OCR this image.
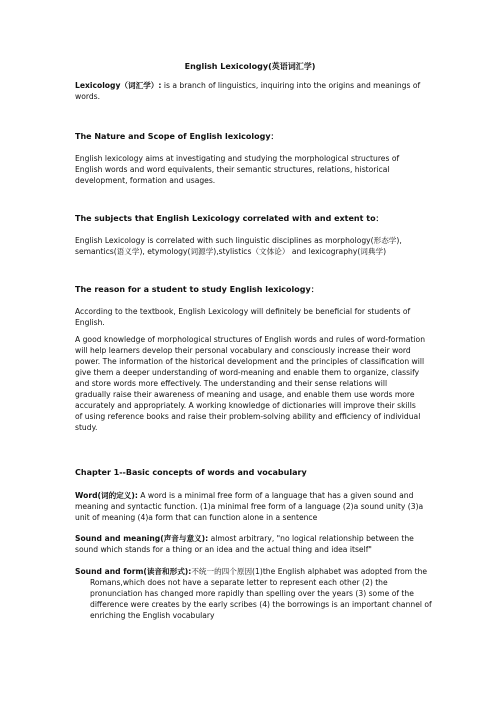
English Lexicology(英语词汇学)

Lexicology（词汇学）: is a branch of linguistics, inquiring into the origins and meanings of words.

The Nature and Scope of English lexicology：

English lexicology aims at investigating and studying the morphological structures of English words and word equivalents, their semantic structures, relations, historical development, formation and usages.

The subjects that English Lexicology correlated with and extent to：

English Lexicology is correlated with such linguistic disciplines as morphology(形态学), semantics(语义学), etymology(词源学),stylistics（文体论） and lexicography(词典学)

The reason for a student to study English lexicology：

According to the textbook, English Lexicology will definitely be beneficial for students of English.

A good knowledge of morphological structures of English words and rules of word-formation will help learners develop their personal vocabulary and consciously increase their word power. The information of the historical development and the principles of classification will give them a deeper understanding of word-meaning and enable them to organize, classify and store words more effectively. The understanding and their sense relations will gradually raise their awareness of meaning and usage, and enable them use words more accurately and appropriately. A working knowledge of dictionaries will improve their skills of using reference books and raise their problem-solving ability and efficiency of individual study.

Chapter 1--Basic concepts of words and vocabulary

Word(词的定义): A word is a minimal free form of a language that has a given sound and meaning and syntactic function. (1)a minimal free form of a language (2)a sound unity (3)a unit of meaning (4)a form that can function alone in a sentence

Sound and meaning(声音与意义): almost arbitrary, "no logical relationship between the sound which stands for a thing or an idea and the actual thing and idea itself"

Sound and form(读音和形式):不统一的四个原因(1)the English alphabet was adopted from the Romans,which does not have a separate letter to represent each other (2) the pronunciation has changed more rapidly than spelling over the years (3) some of the difference were creates by the early scribes (4) the borrowings is an important channel of enriching the English vocabulary
